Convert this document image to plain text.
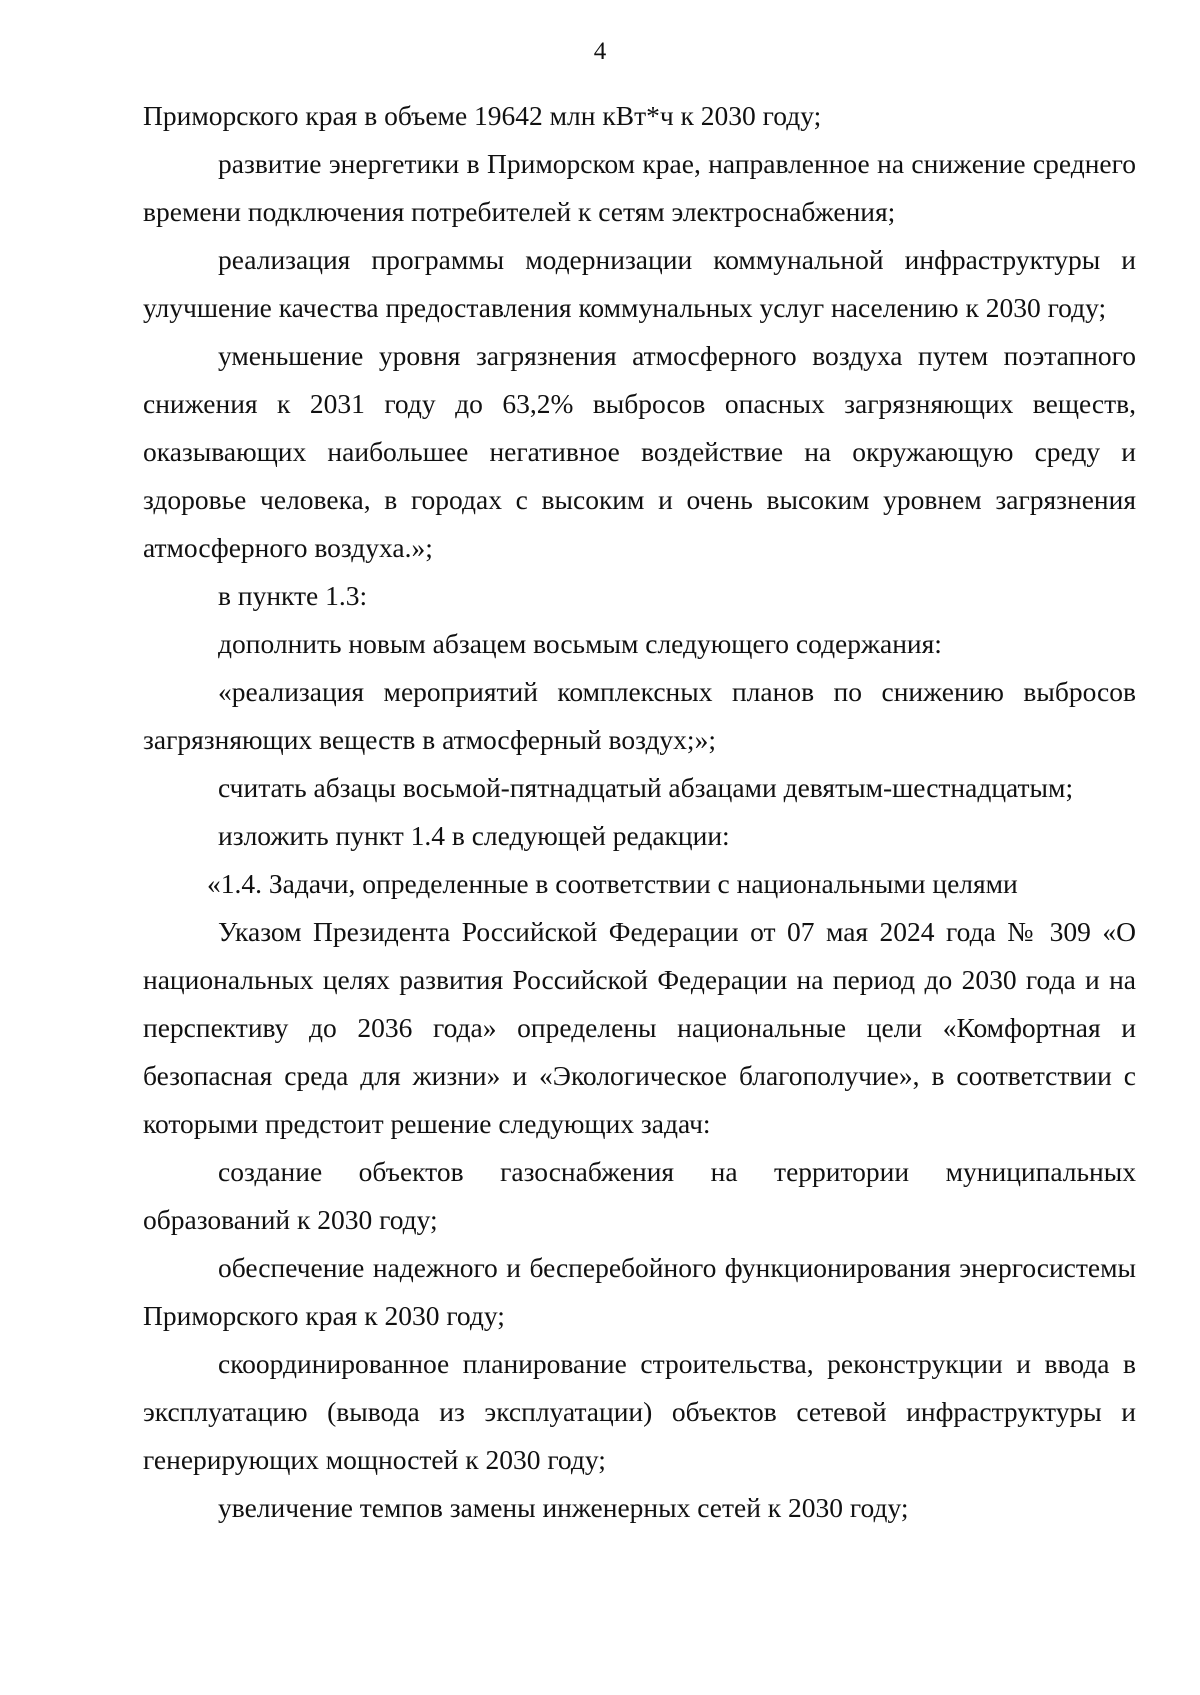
4

Приморского края в объеме 19642 млн кВт*ч к 2030 году;

развитие энергетики в Приморском крае, направленное на снижение среднего времени подключения потребителей к сетям электроснабжения;

реализация программы модернизации коммунальной инфраструктуры и улучшение качества предоставления коммунальных услуг населению к 2030 году;

уменьшение уровня загрязнения атмосферного воздуха путем поэтапного снижения к 2031 году до 63,2% выбросов опасных загрязняющих веществ, оказывающих наибольшее негативное воздействие на окружающую среду и здоровье человека, в городах с высоким и очень высоким уровнем загрязнения атмосферного воздуха.»;

в пункте 1.3:

дополнить новым абзацем восьмым следующего содержания:

«реализация мероприятий комплексных планов по снижению выбросов загрязняющих веществ в атмосферный воздух;»;

считать абзацы восьмой-пятнадцатый абзацами девятым-шестнадцатым;

изложить пункт 1.4 в следующей редакции:

«1.4. Задачи, определенные в соответствии с национальными целями

Указом Президента Российской Федерации от 07 мая 2024 года № 309 «О национальных целях развития Российской Федерации на период до 2030 года и на перспективу до 2036 года» определены национальные цели «Комфортная и безопасная среда для жизни» и «Экологическое благополучие», в соответствии с которыми предстоит решение следующих задач:

создание объектов газоснабжения на территории муниципальных образований к 2030 году;

обеспечение надежного и бесперебойного функционирования энергосистемы Приморского края к 2030 году;

скоординированное планирование строительства, реконструкции и ввода в эксплуатацию (вывода из эксплуатации) объектов сетевой инфраструктуры и генерирующих мощностей к 2030 году;

увеличение темпов замены инженерных сетей к 2030 году;
